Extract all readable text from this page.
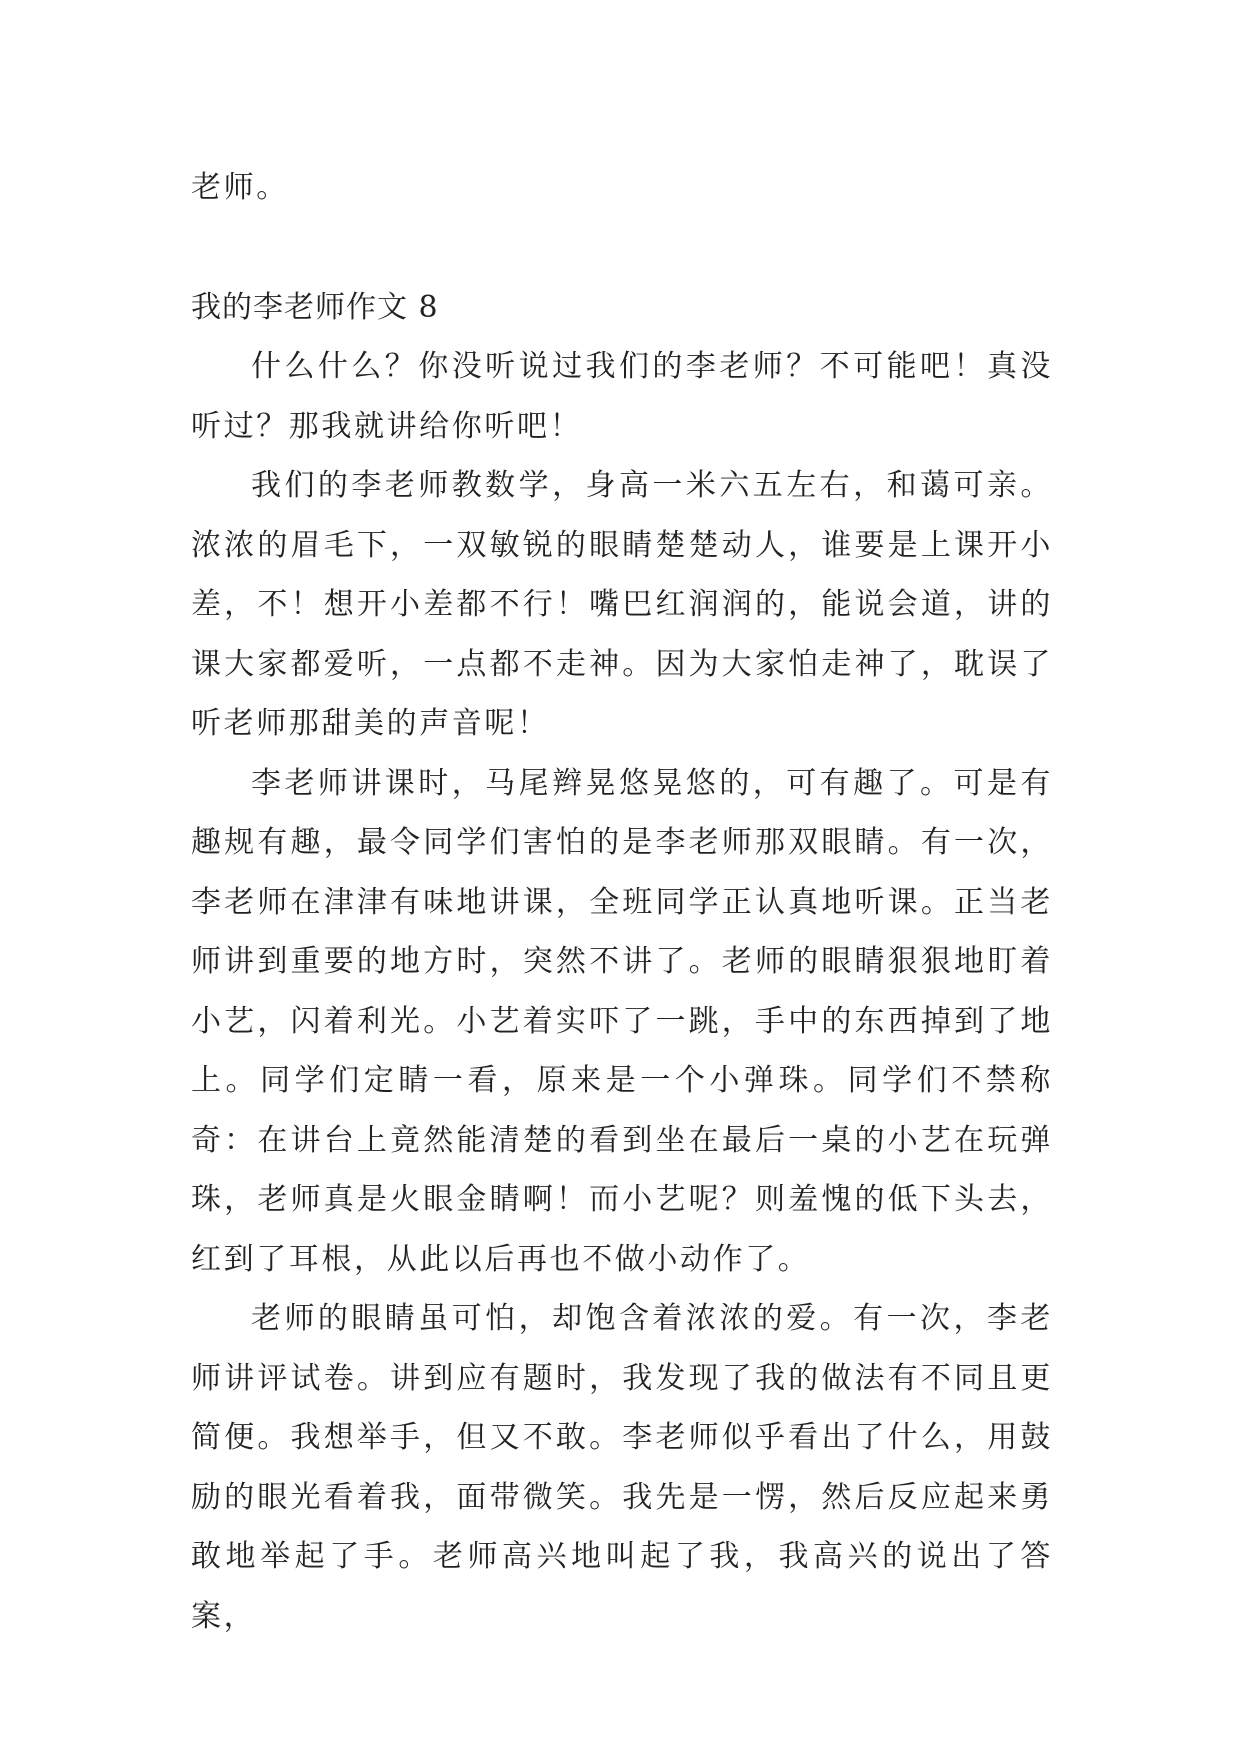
老师。

我的李老师作文 8

什么什么？你没听说过我们的李老师？不可能吧！真没听过？那我就讲给你听吧！

我们的李老师教数学，身高一米六五左右，和蔼可亲。浓浓的眉毛下，一双敏锐的眼睛楚楚动人，谁要是上课开小差，不！想开小差都不行！嘴巴红润润的，能说会道，讲的课大家都爱听，一点都不走神。因为大家怕走神了，耽误了听老师那甜美的声音呢！

李老师讲课时，马尾辫晃悠晃悠的，可有趣了。可是有趣规有趣，最令同学们害怕的是李老师那双眼睛。有一次，李老师在津津有味地讲课，全班同学正认真地听课。正当老师讲到重要的地方时，突然不讲了。老师的眼睛狠狠地盯着小艺，闪着利光。小艺着实吓了一跳，手中的东西掉到了地上。同学们定睛一看，原来是一个小弹珠。同学们不禁称奇：在讲台上竟然能清楚的看到坐在最后一桌的小艺在玩弹珠，老师真是火眼金睛啊！而小艺呢？则羞愧的低下头去，红到了耳根，从此以后再也不做小动作了。

老师的眼睛虽可怕，却饱含着浓浓的爱。有一次，李老师讲评试卷。讲到应有题时，我发现了我的做法有不同且更简便。我想举手，但又不敢。李老师似乎看出了什么，用鼓励的眼光看着我，面带微笑。我先是一愣，然后反应起来勇敢地举起了手。老师高兴地叫起了我，我高兴的说出了答案，
